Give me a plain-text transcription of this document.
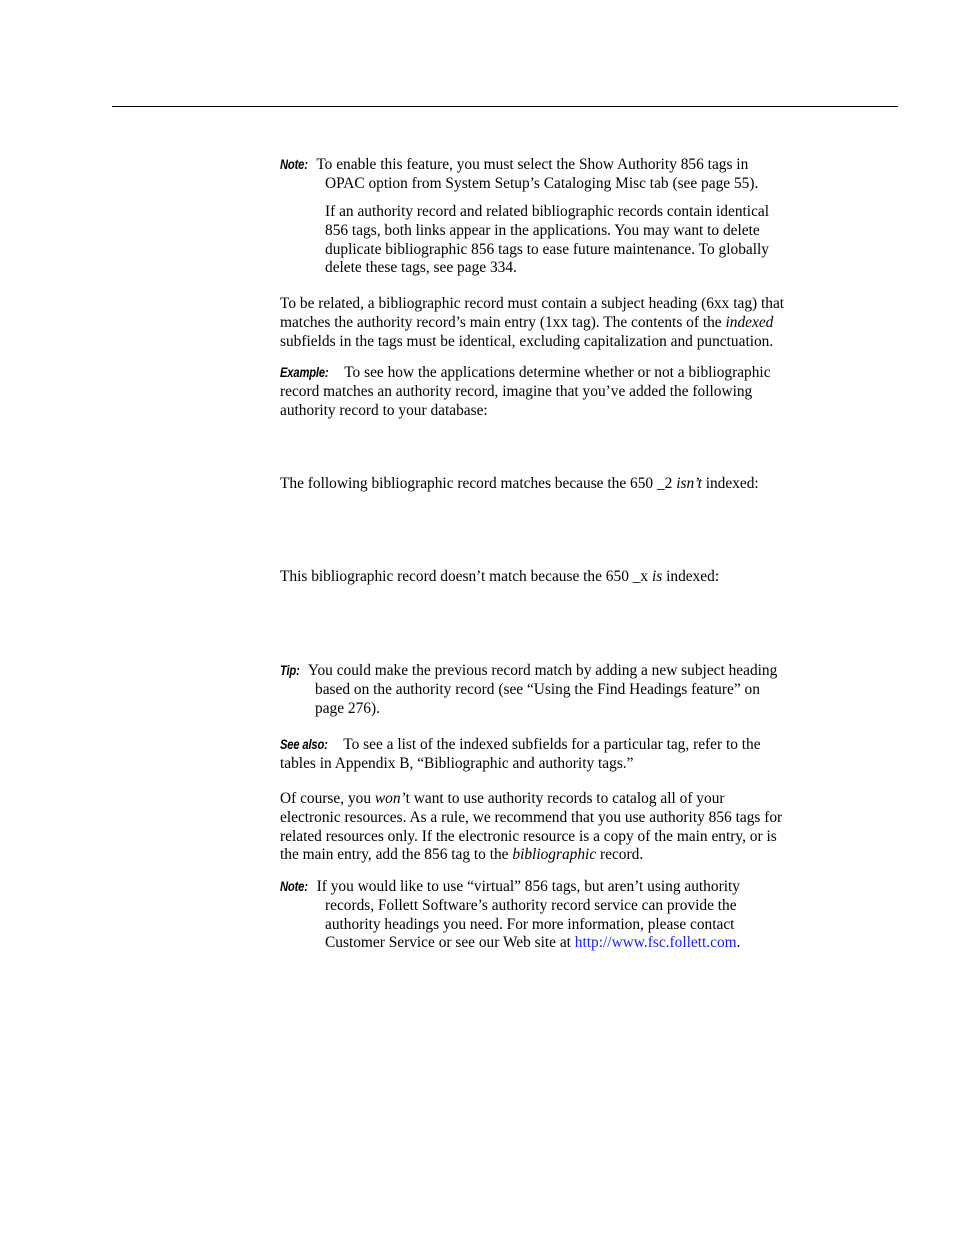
Note: To enable this feature, you must select the Show Authority 856 tags in
OPAC option from System Setup’s Cataloging Misc tab (see page 55).
If an authority record and related bibliographic records contain identical
856 tags, both links appear in the applications. You may want to delete
duplicate bibliographic 856 tags to ease future maintenance. To globally
delete these tags, see page 334.
To be related, a bibliographic record must contain a subject heading (6xx tag) that
matches the authority record’s main entry (1xx tag). The contents of the indexed
subfields in the tags must be identical, excluding capitalization and punctuation.
Example: To see how the applications determine whether or not a bibliographic
record matches an authority record, imagine that you’ve added the following
authority record to your database:
The following bibliographic record matches because the 650 _2 isn’t indexed:
This bibliographic record doesn’t match because the 650 _x is indexed:
Tip: You could make the previous record match by adding a new subject heading
based on the authority record (see “Using the Find Headings feature” on
page 276).
See also: To see a list of the indexed subfields for a particular tag, refer to the
tables in Appendix B, “Bibliographic and authority tags.”
Of course, you won’t want to use authority records to catalog all of your
electronic resources. As a rule, we recommend that you use authority 856 tags for
related resources only. If the electronic resource is a copy of the main entry, or is
the main entry, add the 856 tag to the bibliographic record.
Note: If you would like to use “virtual” 856 tags, but aren’t using authority
records, Follett Software’s authority record service can provide the
authority headings you need. For more information, please contact
Customer Service or see our Web site at http://www.fsc.follett.com.
